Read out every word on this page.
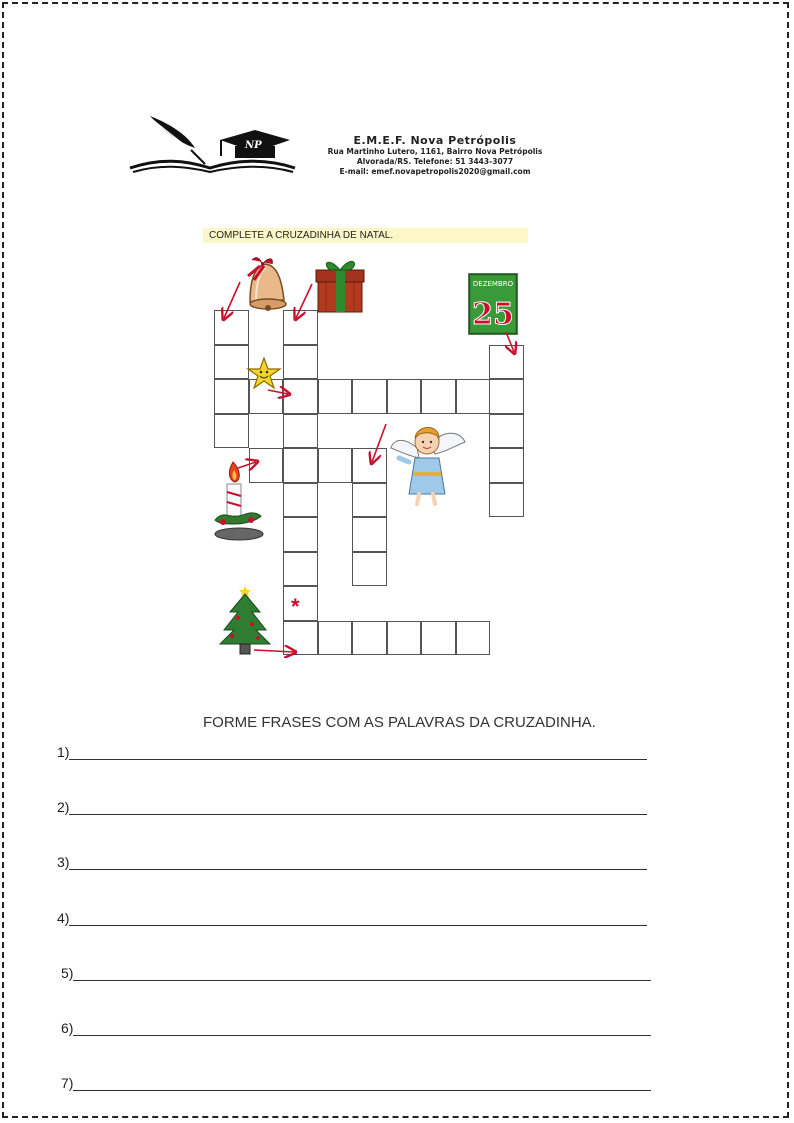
NP	E.M.E.F. Nova Petrópolis
Rua Martinho Lutero, 1161, Bairro Nova Petrópolis
Alvorada/RS. Telefone: 51 3443-3077
E-mail: emef.novapetropolis2020@gmail.com
COMPLETE A CRUZADINHA DE NATAL.
*
DEZEMBRO
25
FORME FRASES COM AS PALAVRAS DA CRUZADINHA.
1)
2)
3)
4)
5)
6)
7)
